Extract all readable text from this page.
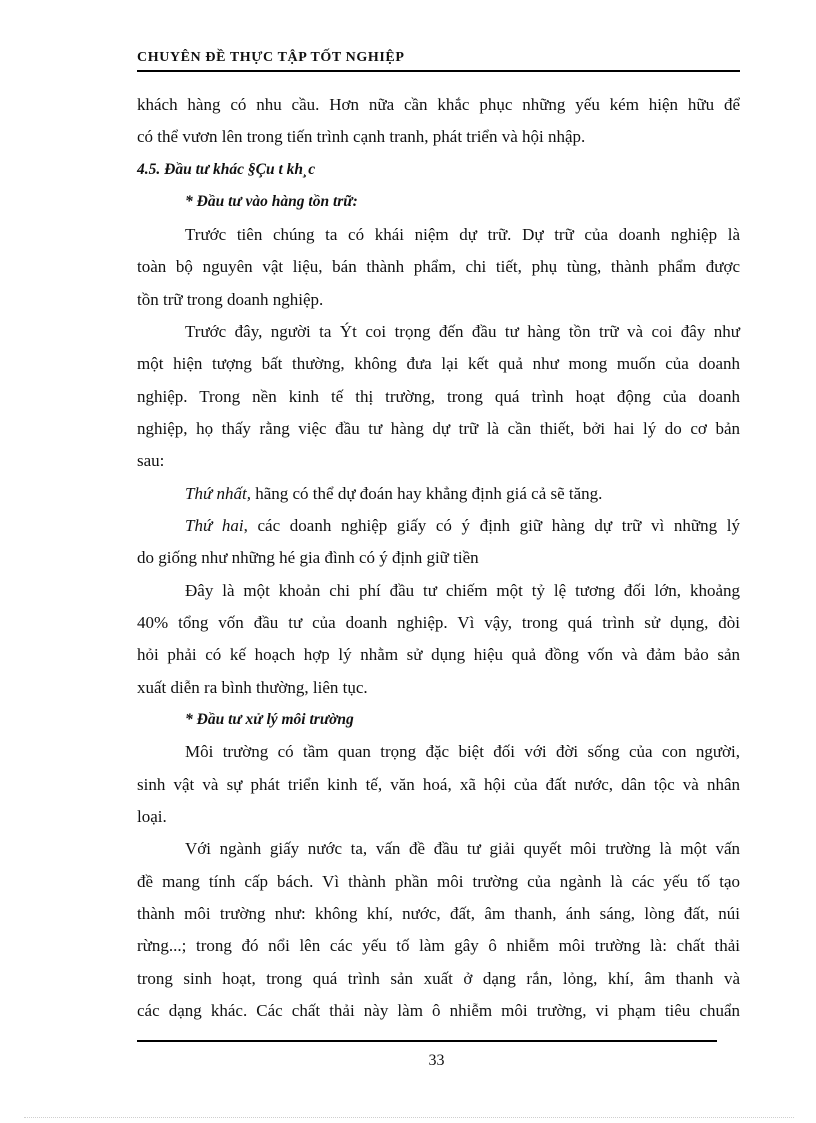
CHUYÊN ĐỀ THỰC TẬP TỐT NGHIỆP
khách hàng có nhu cầu. Hơn nữa cần khắc phục những yếu kém hiện hữu để
có thể vươn lên trong tiến trình cạnh tranh, phát triển và hội nhập.
4.5. Đầu tư khác §Çu t kh¸c
* Đầu tư vào hàng tồn trữ:
Trước tiên chúng ta có khái niệm dự trữ. Dự trữ của doanh nghiệp là
toàn bộ nguyên vật liệu, bán thành phẩm, chi tiết, phụ tùng, thành phẩm được
tồn trữ trong doanh nghiệp.
Trước đây, người ta Ýt coi trọng đến đầu tư hàng tồn trữ và coi đây như
một hiện tượng bất thường, không đưa lại kết quả như mong muốn của doanh
nghiệp. Trong nền kinh tế thị trường, trong quá trình hoạt động của doanh
nghiệp, họ thấy rằng việc đầu tư hàng dự trữ là cần thiết, bởi hai lý do cơ bản
sau:
Thứ nhất, hãng có thể dự đoán hay khẳng định giá cả sẽ tăng.
Thứ hai, các doanh nghiệp giấy có ý định giữ hàng dự trữ vì những lý
do giống như những hé gia đình có ý định giữ tiền
Đây là một khoản chi phí đầu tư chiếm một tỷ lệ tương đối lớn, khoảng
40% tổng vốn đầu tư của doanh nghiệp. Vì vậy, trong quá trình sử dụng, đòi
hỏi phải có kế hoạch hợp lý nhằm sử dụng hiệu quả đồng vốn và đảm bảo sản
xuất diễn ra bình thường, liên tục.
* Đầu tư xử lý môi trường
Môi trường có tầm quan trọng đặc biệt đối với đời sống của con người,
sinh vật và sự phát triển kinh tế, văn hoá, xã hội của đất nước, dân tộc và nhân
loại.
Với ngành giấy nước ta, vấn đề đầu tư giải quyết môi trường là một vấn
đề mang tính cấp bách. Vì thành phần môi trường của ngành là các yếu tố tạo
thành môi trường như: không khí, nước, đất, âm thanh, ánh sáng, lòng đất, núi
rừng...; trong đó nổi lên các yếu tố làm gây ô nhiễm môi trường là: chất thải
trong sinh hoạt, trong quá trình sản xuất ở dạng rắn, lỏng, khí, âm thanh và
các dạng khác. Các chất thải này làm ô nhiễm môi trường, vi phạm tiêu chuẩn
33
